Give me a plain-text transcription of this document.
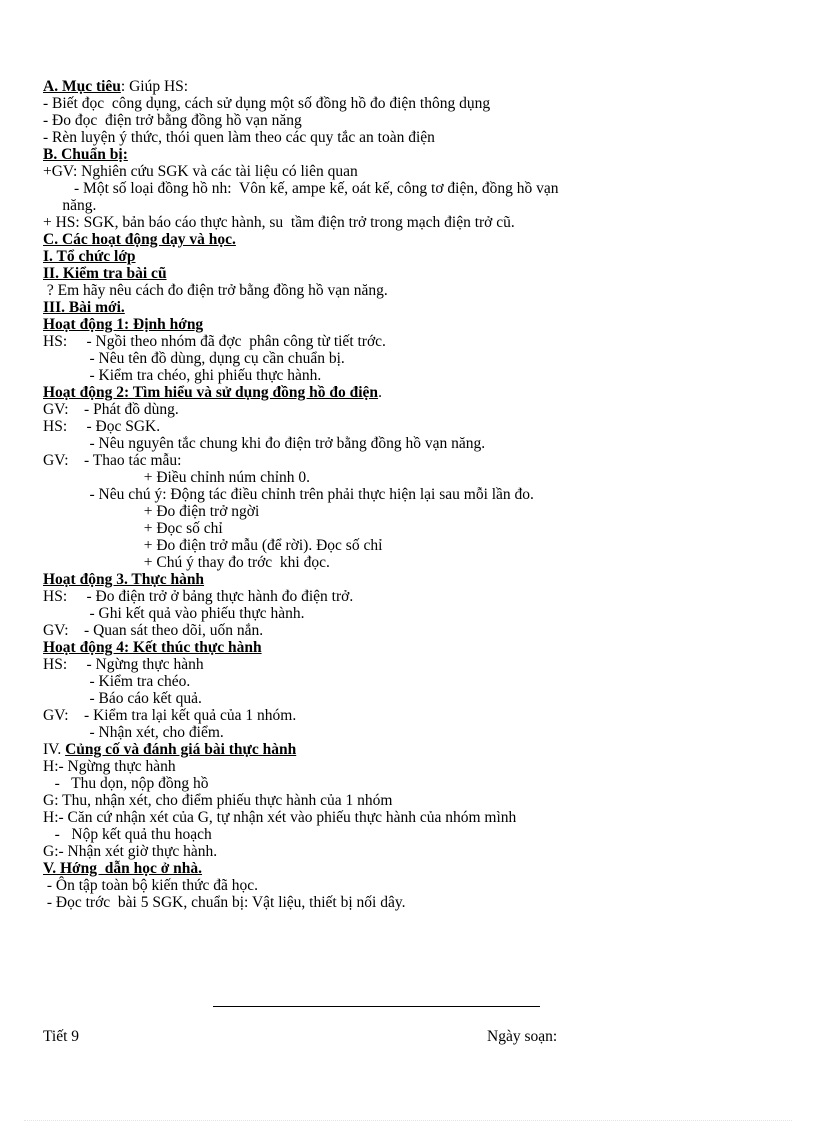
A. Mục tiêu: Giúp HS:
- Biết đọc  công dụng, cách sử dụng một số đồng hồ đo điện thông dụng
- Đo đọc  điện trở bằng đồng hồ vạn năng
- Rèn luyện ý thức, thói quen làm theo các quy tắc an toàn điện
B. Chuẩn bị:
+GV: Nghiên cứu SGK và các tài liệu có liên quan
- Một số loại đồng hồ nh:  Vôn kế, ampe kế, oát kế, công tơ điện, đồng hồ vạn
năng.
+ HS: SGK, bản báo cáo thực hành, su  tầm điện trở trong mạch điện trở cũ.
C. Các hoạt động dạy và học.
I. Tổ chức lớp
II. Kiểm tra bài cũ
? Em hãy nêu cách đo điện trở bằng đồng hồ vạn năng.
III. Bài mới.
Hoạt động 1: Định hớng
HS:     - Ngồi theo nhóm đã đợc  phân công từ tiết trớc.
- Nêu tên đồ dùng, dụng cụ cần chuẩn bị.
- Kiểm tra chéo, ghi phiếu thực hành.
Hoạt động 2: Tìm hiểu và sử dụng đồng hồ đo điện.
GV:    - Phát đồ dùng.
HS:     - Đọc SGK.
- Nêu nguyên tắc chung khi đo điện trở bằng đồng hồ vạn năng.
GV:    - Thao tác mẫu:
+ Điều chỉnh núm chỉnh 0.
- Nêu chú ý: Động tác điều chỉnh trên phải thực hiện lại sau mỗi lần đo.
+ Đo điện trở ngời
+ Đọc số chỉ
+ Đo điện trở mẫu (để rời). Đọc số chỉ
+ Chú ý thay đo trớc  khi đọc.
Hoạt động 3. Thực hành
HS:     - Đo điện trở ở bảng thực hành đo điện trở.
- Ghi kết quả vào phiếu thực hành.
GV:    - Quan sát theo dõi, uốn nắn.
Hoạt động 4: Kết thúc thực hành
HS:     - Ngừng thực hành
- Kiểm tra chéo.
- Báo cáo kết quả.
GV:    - Kiểm tra lại kết quả của 1 nhóm.
- Nhận xét, cho điểm.
IV. Củng cố và đánh giá bài thực hành
H:- Ngừng thực hành
-   Thu dọn, nộp đồng hồ
G: Thu, nhận xét, cho điểm phiếu thực hành của 1 nhóm
H:- Căn cứ nhận xét của G, tự nhận xét vào phiếu thực hành của nhóm mình
-   Nộp kết quả thu hoạch
G:- Nhận xét giờ thực hành.
V. Hớng  dẫn học ở nhà.
- Ôn tập toàn bộ kiến thức đã học.
- Đọc trớc  bài 5 SGK, chuẩn bị: Vật liệu, thiết bị nối dây.
Tiết 9	Ngày soạn:
